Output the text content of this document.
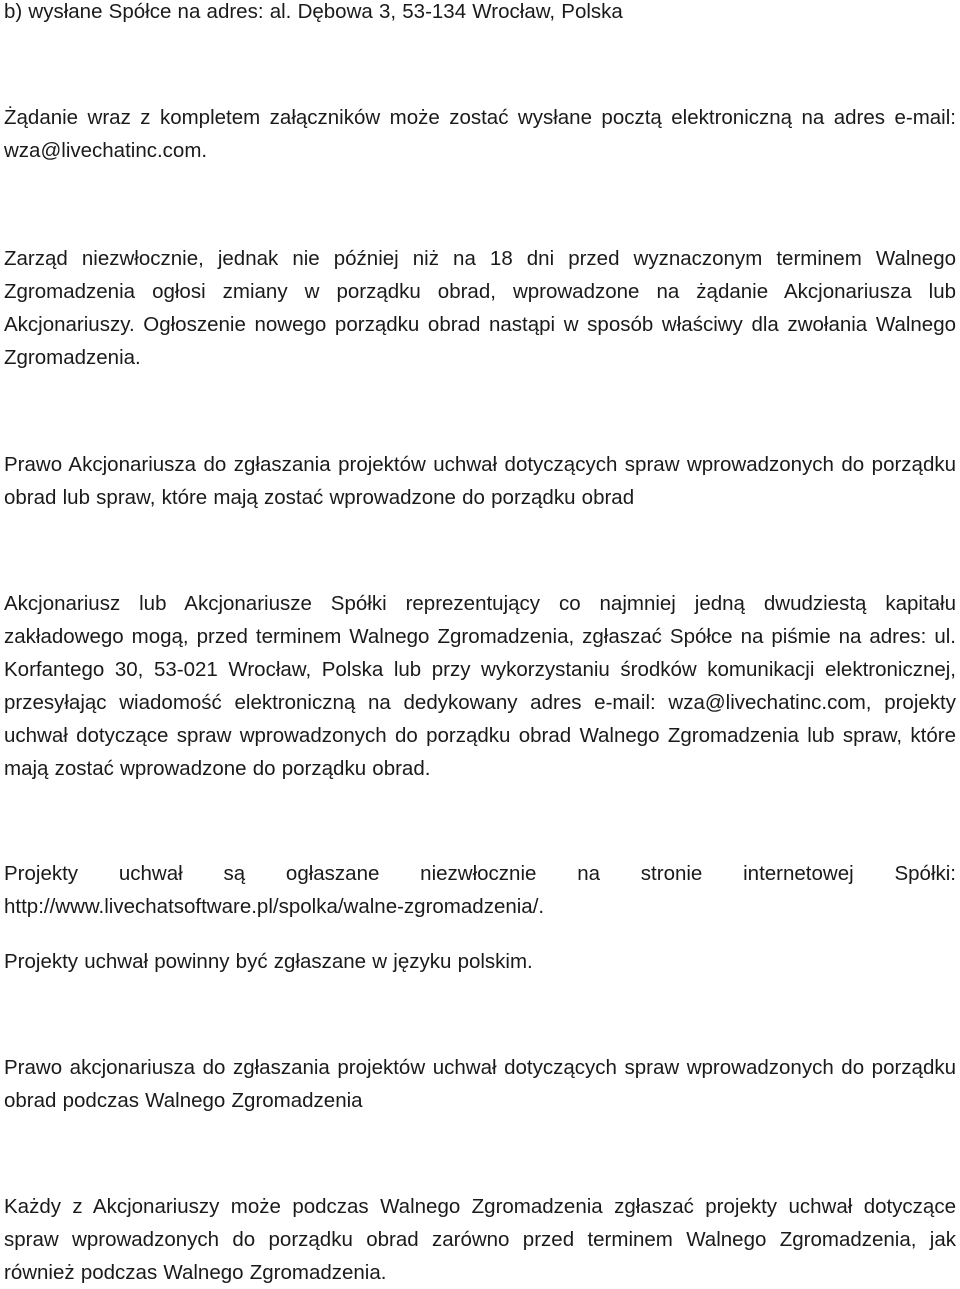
b) wysłane Spółce na adres: al. Dębowa 3, 53-134 Wrocław, Polska

Żądanie wraz z kompletem załączników może zostać wysłane pocztą elektroniczną na adres e-mail: wza@livechatinc.com.

Zarząd niezwłocznie, jednak nie później niż na 18 dni przed wyznaczonym terminem Walnego Zgromadzenia ogłosi zmiany w porządku obrad, wprowadzone na żądanie Akcjonariusza lub Akcjonariuszy. Ogłoszenie nowego porządku obrad nastąpi w sposób właściwy dla zwołania Walnego Zgromadzenia.

Prawo Akcjonariusza do zgłaszania projektów uchwał dotyczących spraw wprowadzonych do porządku obrad lub spraw, które mają zostać wprowadzone do porządku obrad

Akcjonariusz lub Akcjonariusze Spółki reprezentujący co najmniej jedną dwudziestą kapitału zakładowego mogą, przed terminem Walnego Zgromadzenia, zgłaszać Spółce na piśmie na adres: ul. Korfantego 30, 53-021 Wrocław, Polska lub przy wykorzystaniu środków komunikacji elektronicznej, przesyłając wiadomość elektroniczną na dedykowany adres e-mail: wza@livechatinc.com, projekty uchwał dotyczące spraw wprowadzonych do porządku obrad Walnego Zgromadzenia lub spraw, które mają zostać wprowadzone do porządku obrad.

Projekty uchwał są ogłaszane niezwłocznie na stronie internetowej Spółki: http://www.livechatsoftware.pl/spolka/walne-zgromadzenia/.

Projekty uchwał powinny być zgłaszane w języku polskim.

Prawo akcjonariusza do zgłaszania projektów uchwał dotyczących spraw wprowadzonych do porządku obrad podczas Walnego Zgromadzenia

Każdy z Akcjonariuszy może podczas Walnego Zgromadzenia zgłaszać projekty uchwał dotyczące spraw wprowadzonych do porządku obrad zarówno przed terminem Walnego Zgromadzenia, jak również podczas Walnego Zgromadzenia.
